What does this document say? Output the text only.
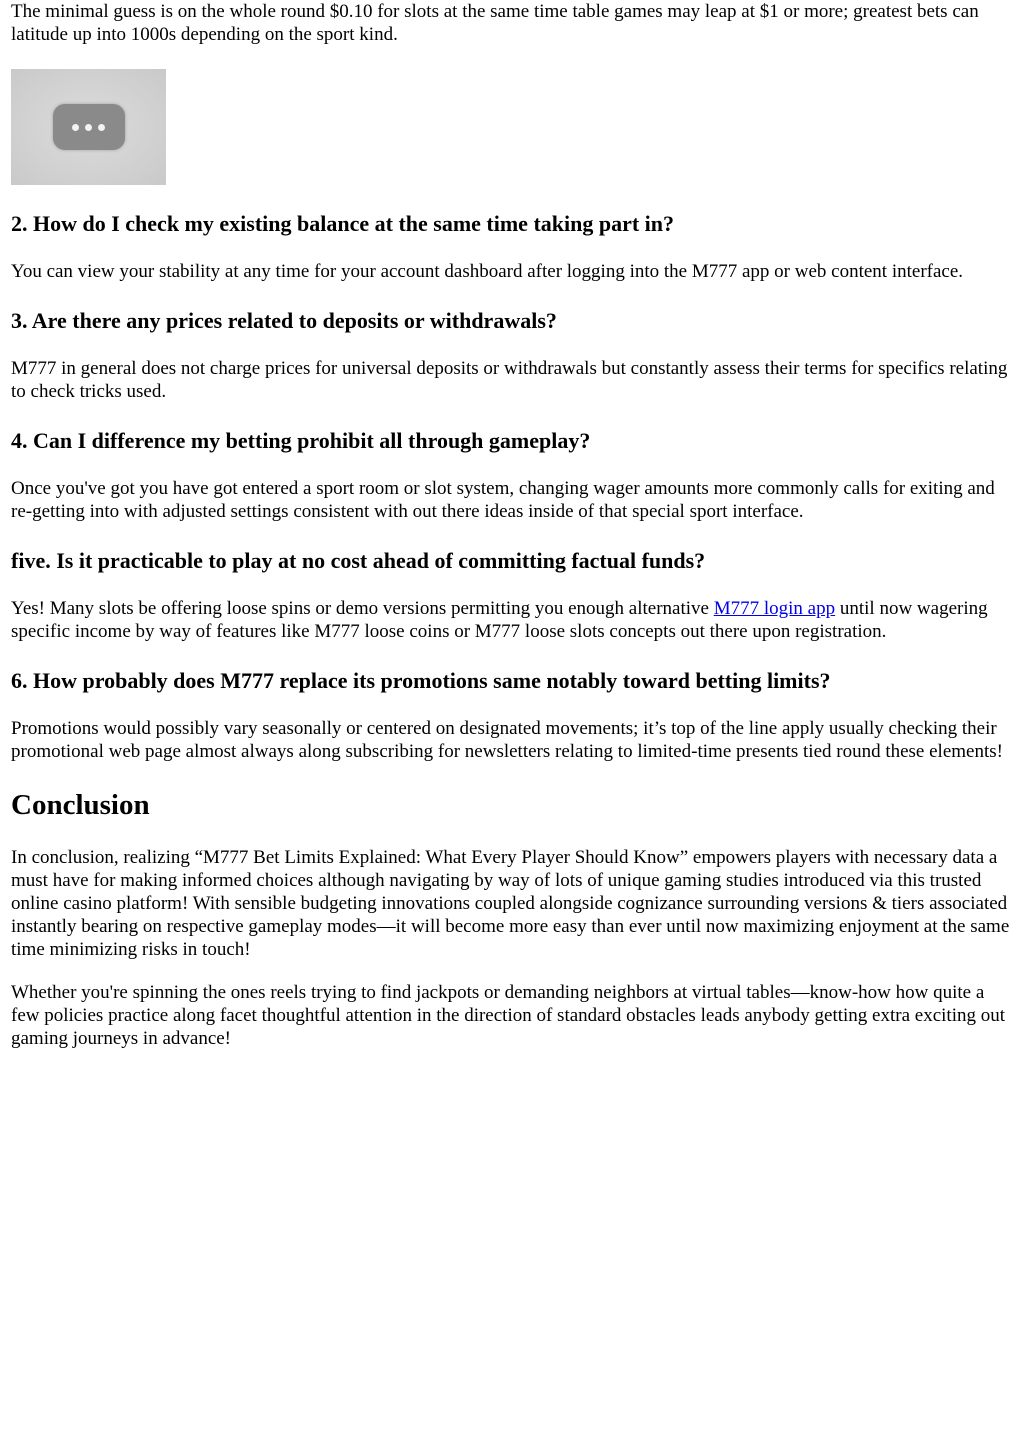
The minimal guess is on the whole round $0.10 for slots at the same time table games may leap at $1 or more; greatest bets can latitude up into 1000s depending on the sport kind.

2. How do I check my existing balance at the same time taking part in?

You can view your stability at any time for your account dashboard after logging into the M777 app or web content interface.

3. Are there any prices related to deposits or withdrawals?

M777 in general does not charge prices for universal deposits or withdrawals but constantly assess their terms for specifics relating to check tricks used.

4. Can I difference my betting prohibit all through gameplay?

Once you've got you have got entered a sport room or slot system, changing wager amounts more commonly calls for exiting and re-getting into with adjusted settings consistent with out there ideas inside of that special sport interface.

five. Is it practicable to play at no cost ahead of committing factual funds?

Yes! Many slots be offering loose spins or demo versions permitting you enough alternative M777 login app until now wagering specific income by way of features like M777 loose coins or M777 loose slots concepts out there upon registration.

6. How probably does M777 replace its promotions same notably toward betting limits?

Promotions would possibly vary seasonally or centered on designated movements; it’s top of the line apply usually checking their promotional web page almost always along subscribing for newsletters relating to limited-time presents tied round these elements!

Conclusion

In conclusion, realizing “M777 Bet Limits Explained: What Every Player Should Know” empowers players with necessary data a must have for making informed choices although navigating by way of lots of unique gaming studies introduced via this trusted online casino platform! With sensible budgeting innovations coupled alongside cognizance surrounding versions & tiers associated instantly bearing on respective gameplay modes—it will become more easy than ever until now maximizing enjoyment at the same time minimizing risks in touch!

Whether you're spinning the ones reels trying to find jackpots or demanding neighbors at virtual tables—know-how how quite a few policies practice along facet thoughtful attention in the direction of standard obstacles leads anybody getting extra exciting out gaming journeys in advance!
